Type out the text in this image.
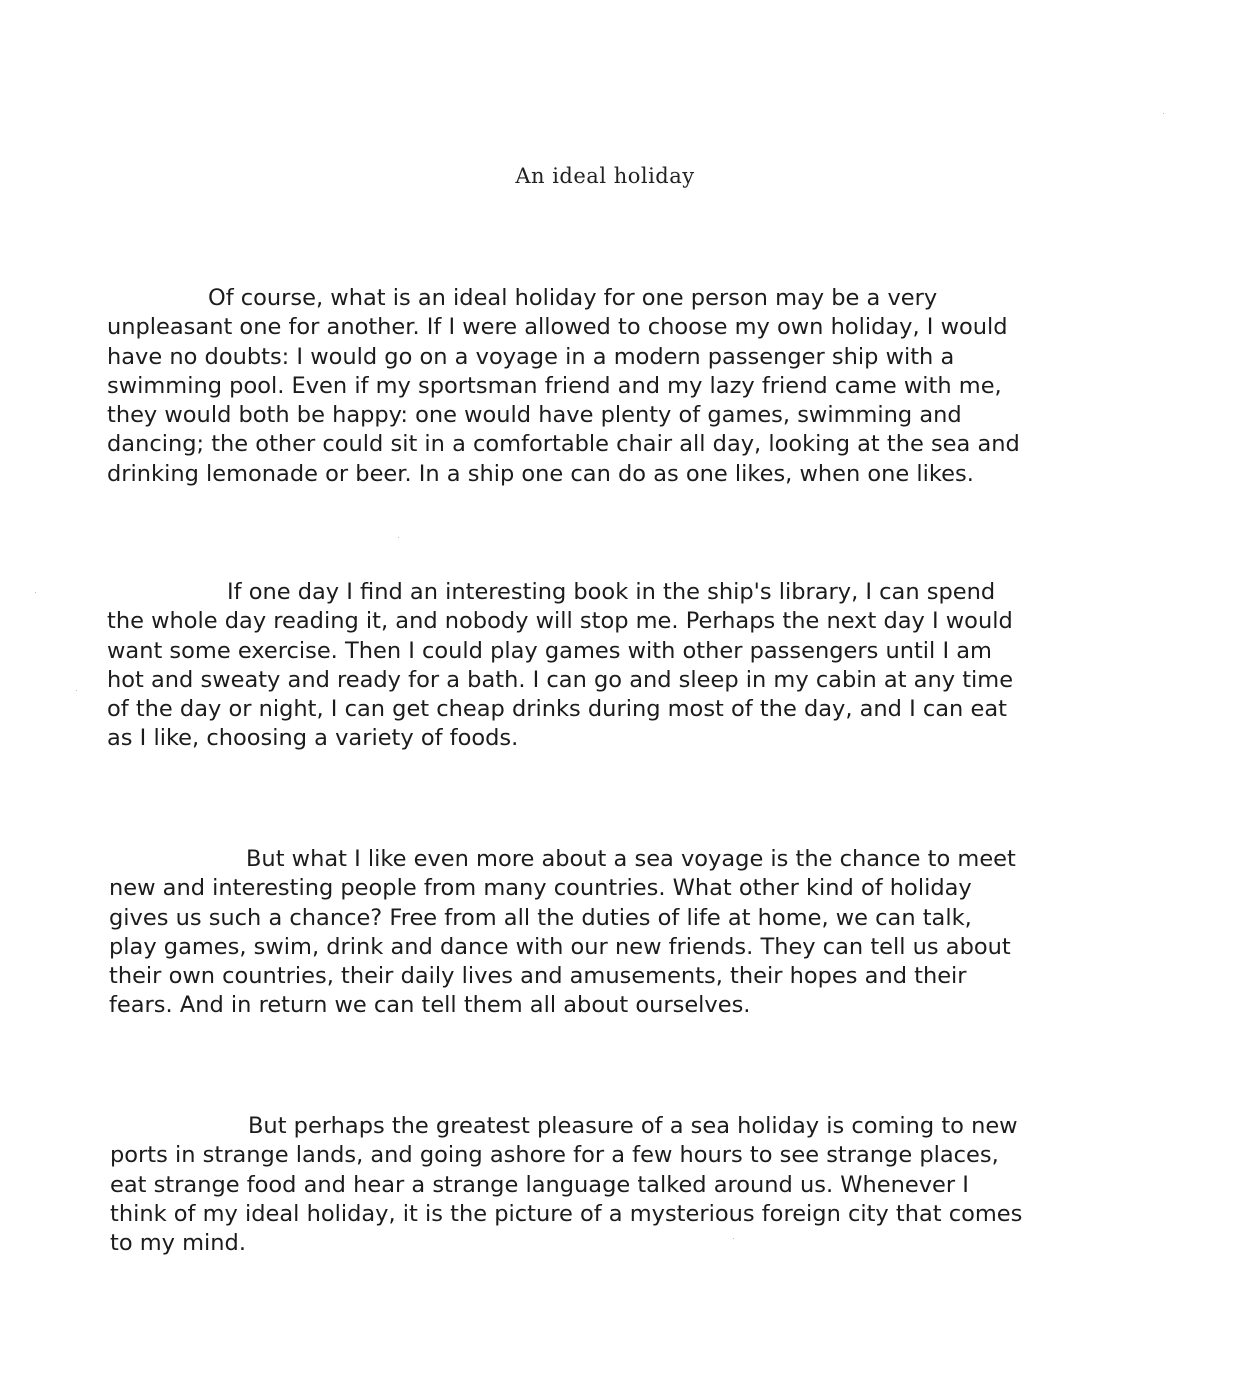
An ideal holiday
Of course, what is an ideal holiday for one person may be a very
unpleasant one for another. If I were allowed to choose my own holiday, I would
have no doubts: I would go on a voyage in a modern passenger ship with a
swimming pool. Even if my sportsman friend and my lazy friend came with me,
they would both be happy: one would have plenty of games, swimming and
dancing; the other could sit in a comfortable chair all day, looking at the sea and
drinking lemonade or beer. In a ship one can do as one likes, when one likes.
If one day I find an interesting book in the ship's library, I can spend
the whole day reading it, and nobody will stop me. Perhaps the next day I would
want some exercise. Then I could play games with other passengers until I am
hot and sweaty and ready for a bath. I can go and sleep in my cabin at any time
of the day or night, I can get cheap drinks during most of the day, and I can eat
as I like, choosing a variety of foods.
But what I like even more about a sea voyage is the chance to meet
new and interesting people from many countries. What other kind of holiday
gives us such a chance? Free from all the duties of life at home, we can talk,
play games, swim, drink and dance with our new friends. They can tell us about
their own countries, their daily lives and amusements, their hopes and their
fears. And in return we can tell them all about ourselves.
But perhaps the greatest pleasure of a sea holiday is coming to new
ports in strange lands, and going ashore for a few hours to see strange places,
eat strange food and hear a strange language talked around us. Whenever I
think of my ideal holiday, it is the picture of a mysterious foreign city that comes
to my mind.
